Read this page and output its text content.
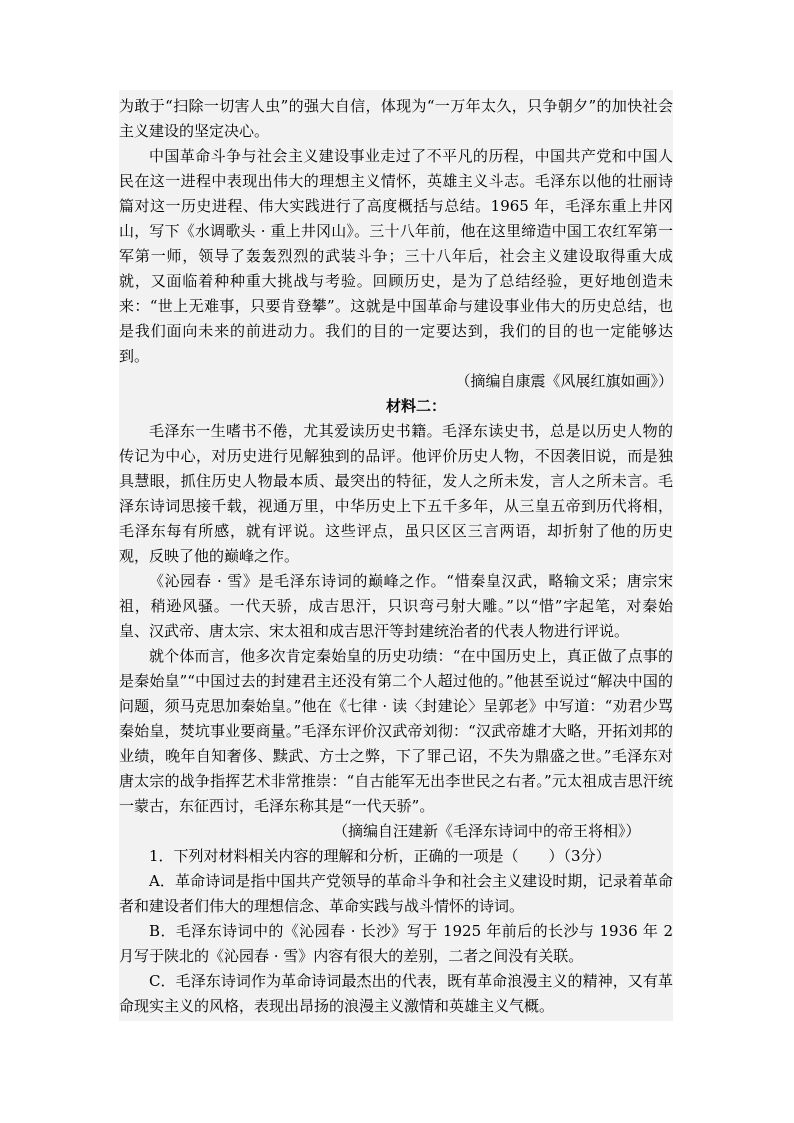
为敢于“扫除一切害人虫”的强大自信，体现为“一万年太久，只争朝夕”的加快社会主义建设的坚定决心。

中国革命斗争与社会主义建设事业走过了不平凡的历程，中国共产党和中国人民在这一进程中表现出伟大的理想主义情怀，英雄主义斗志。毛泽东以他的壮丽诗篇对这一历史进程、伟大实践进行了高度概括与总结。1965 年，毛泽东重上井冈山，写下《水调歌头 · 重上井冈山》。三十八年前，他在这里缔造中国工农红军第一军第一师，领导了轰轰烈烈的武装斗争；三十八年后，社会主义建设取得重大成就，又面临着种种重大挑战与考验。回顾历史，是为了总结经验，更好地创造未来：“世上无难事，只要肯登攀”。这就是中国革命与建设事业伟大的历史总结，也是我们面向未来的前进动力。我们的目的一定要达到，我们的目的也一定能够达到。

（摘编自康震《风展红旗如画》）

材料二：

毛泽东一生嗜书不倦，尤其爱读历史书籍。毛泽东读史书，总是以历史人物的传记为中心，对历史进行见解独到的品评。他评价历史人物，不因袭旧说，而是独具慧眼，抓住历史人物最本质、最突出的特征，发人之所未发，言人之所未言。毛泽东诗词思接千载，视通万里，中华历史上下五千多年，从三皇五帝到历代将相，毛泽东每有所感，就有评说。这些评点，虽只区区三言两语，却折射了他的历史观，反映了他的巅峰之作。

《沁园春 · 雪》是毛泽东诗词的巅峰之作。“惜秦皇汉武，略输文采；唐宗宋祖，稍逊风骚。一代天骄，成吉思汗，只识弯弓射大雕。”以“惜”字起笔，对秦始皇、汉武帝、唐太宗、宋太祖和成吉思汗等封建统治者的代表人物进行评说。

就个体而言，他多次肯定秦始皇的历史功绩：“在中国历史上，真正做了点事的是秦始皇”“中国过去的封建君主还没有第二个人超过他的。”他甚至说过“解决中国的问题，须马克思加秦始皇。”他在《七律 · 读〈封建论〉呈郭老》中写道：“劝君少骂秦始皇，焚坑事业要商量。”毛泽东评价汉武帝刘彻：“汉武帝雄才大略，开拓刘邦的业绩，晚年自知奢侈、黩武、方士之弊，下了罪己诏，不失为鼎盛之世。”毛泽东对唐太宗的战争指挥艺术非常推崇：“自古能军无出李世民之右者。”元太祖成吉思汗统一蒙古，东征西讨，毛泽东称其是“一代天骄”。

（摘编自汪建新《毛泽东诗词中的帝王将相》）

1．下列对材料相关内容的理解和分析，正确的一项是（　　）（3分）

A．革命诗词是指中国共产党领导的革命斗争和社会主义建设时期，记录着革命者和建设者们伟大的理想信念、革命实践与战斗情怀的诗词。

B．毛泽东诗词中的《沁园春 · 长沙》写于 1925 年前后的长沙与 1936 年 2 月写于陕北的《沁园春 · 雪》内容有很大的差别，二者之间没有关联。

C．毛泽东诗词作为革命诗词最杰出的代表，既有革命浪漫主义的精神，又有革命现实主义的风格，表现出昂扬的浪漫主义激情和英雄主义气概。
